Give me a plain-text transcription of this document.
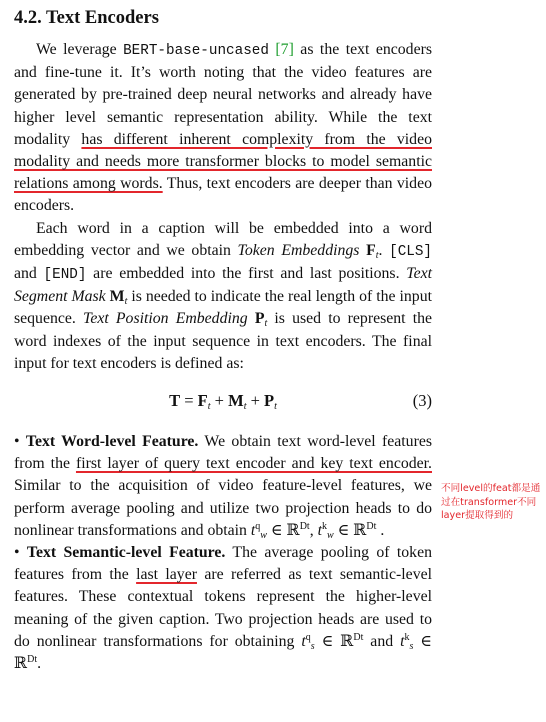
4.2. Text Encoders

We leverage BERT-base-uncased [7] as the text encoders and fine-tune it. It’s worth noting that the video features are generated by pre-trained deep neural networks and already have higher level semantic representation ability. While the text modality has different inherent complexity from the video modality and needs more transformer blocks to model semantic relations among words. Thus, text encoders are deeper than video encoders.

Each word in a caption will be embedded into a word embedding vector and we obtain Token Embeddings $F_t$. [CLS] and [END] are embedded into the first and last positions. Text Segment Mask $M_t$ is needed to indicate the real length of the input sequence. Text Position Embedding $P_t$ is used to represent the word indexes of the input sequence in text encoders. The final input for text encoders is defined as:

$T = F_t + M_t + P_t$	(3)

• Text Word-level Feature. We obtain text word-level features from the first layer of query text encoder and key text encoder. Similar to the acquisition of video feature-level features, we perform average pooling and utilize two projection heads to do nonlinear transformations and obtain $t^q_w$ ∈ ℝ$^{Dt}$, $t^k_w$ ∈ ℝ$^{Dt}$ .

• Text Semantic-level Feature. The average pooling of token features from the last layer are referred as text semantic-level features. These contextual tokens represent the higher-level meaning of the given caption. Two projection heads are used to do nonlinear transformations for obtaining $t^q_s$ ∈ ℝ$^{Dt}$ and $t^k_s$ ∈ ℝ$^{Dt}$.

不同level的feat都是通过在transformer不同layer提取得到的
